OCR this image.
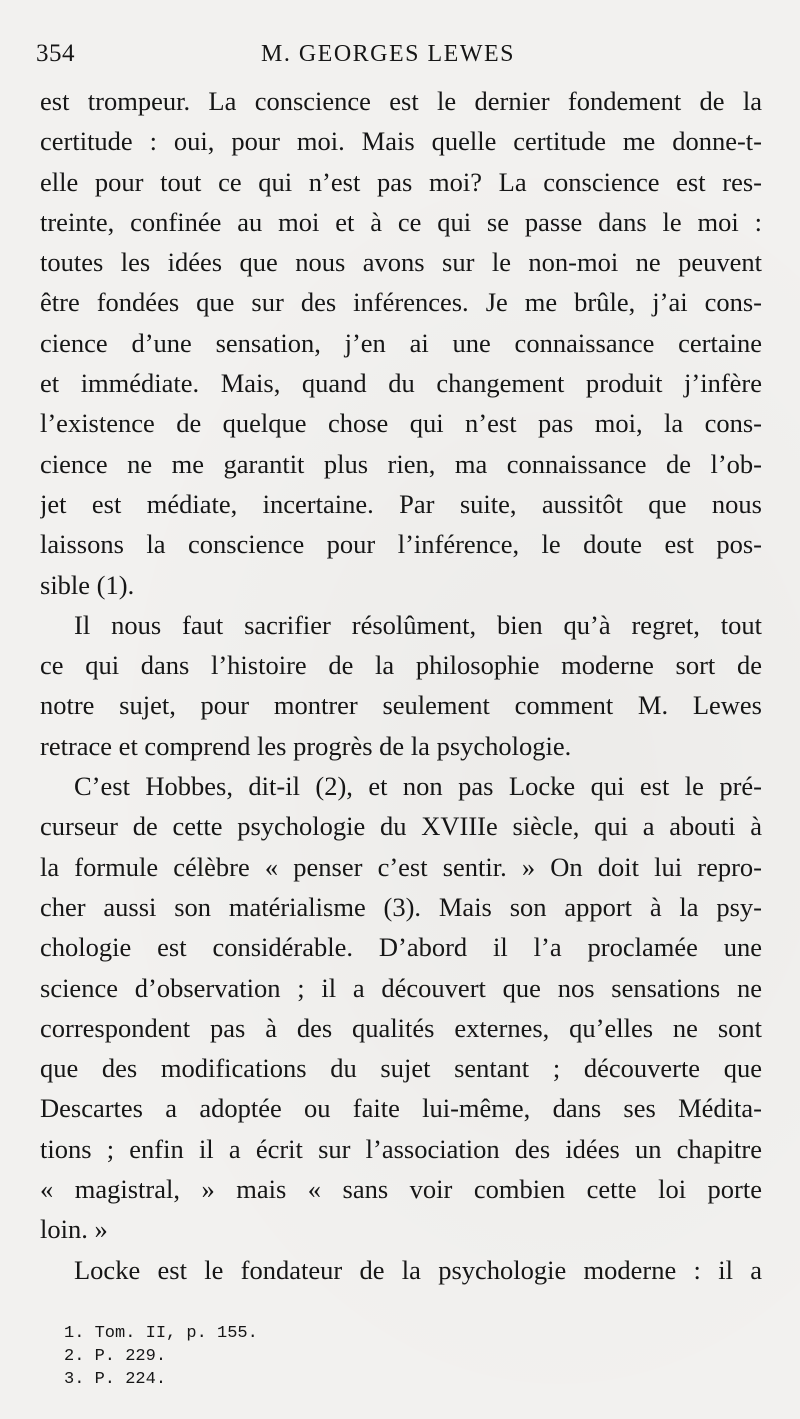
354	M. GEORGES LEWES
est trompeur. La conscience est le dernier fondement de la
certitude : oui, pour moi. Mais quelle certitude me donne-t-
elle pour tout ce qui n’est pas moi? La conscience est res-
treinte, confinée au moi et à ce qui se passe dans le moi :
toutes les idées que nous avons sur le non-moi ne peuvent
être fondées que sur des inférences. Je me brûle, j’ai cons-
cience d’une sensation, j’en ai une connaissance certaine
et immédiate. Mais, quand du changement produit j’infère
l’existence de quelque chose qui n’est pas moi, la cons-
cience ne me garantit plus rien, ma connaissance de l’ob-
jet est médiate, incertaine. Par suite, aussitôt que nous
laissons la conscience pour l’inférence, le doute est pos-
sible (1).
Il nous faut sacrifier résolûment, bien qu’à regret, tout
ce qui dans l’histoire de la philosophie moderne sort de
notre sujet, pour montrer seulement comment M. Lewes
retrace et comprend les progrès de la psychologie.
C’est Hobbes, dit-il (2), et non pas Locke qui est le pré-
curseur de cette psychologie du XVIIIe siècle, qui a abouti à
la formule célèbre « penser c’est sentir. » On doit lui repro-
cher aussi son matérialisme (3). Mais son apport à la psy-
chologie est considérable. D’abord il l’a proclamée une
science d’observation ; il a découvert que nos sensations ne
correspondent pas à des qualités externes, qu’elles ne sont
que des modifications du sujet sentant ; découverte que
Descartes a adoptée ou faite lui-même, dans ses Médita-
tions ; enfin il a écrit sur l’association des idées un chapitre
« magistral, » mais « sans voir combien cette loi porte
loin. »
Locke est le fondateur de la psychologie moderne : il a
1. Tom. II, p. 155.
2. P. 229.
3. P. 224.
